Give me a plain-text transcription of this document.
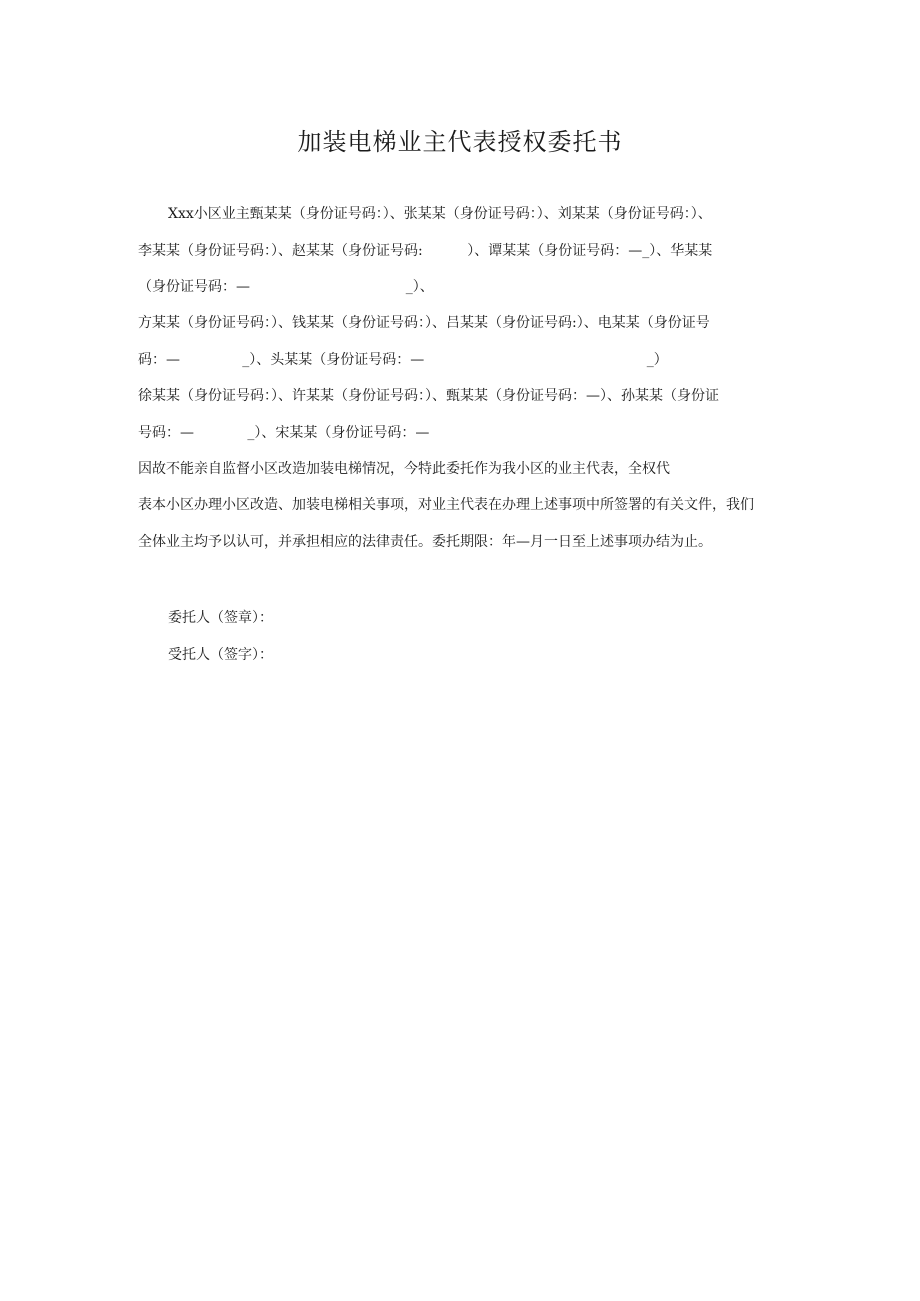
加装电梯业主代表授权委托书
Xxx小区业主甄某某（身份证号码：）、张某某（身份证号码：）、刘某某（身份证号码：）、
李某某（身份证号码：）、赵某某（身份证号码:          ）、谭某某（身份证号码：—_）、华某某
（身份证号码：—                                   _）、
方某某（身份证号码：）、钱某某（身份证号码：）、吕某某（身份证号码:）、电某某（身份证号
码：—              _）、头某某（身份证号码：—                                                  _）
徐某某（身份证号码：）、许某某（身份证号码：）、甄某某（身份证号码：—）、孙某某（身份证
号码：—            _）、宋某某（身份证号码：—
因故不能亲自监督小区改造加装电梯情况，今特此委托作为我小区的业主代表，全权代
表本小区办理小区改造、加装电梯相关事项，对业主代表在办理上述事项中所签署的有关文件，我们
全体业主均予以认可，并承担相应的法律责任。委托期限：年—月一日至上述事项办结为止。
委托人（签章）：
受托人（签字）：
